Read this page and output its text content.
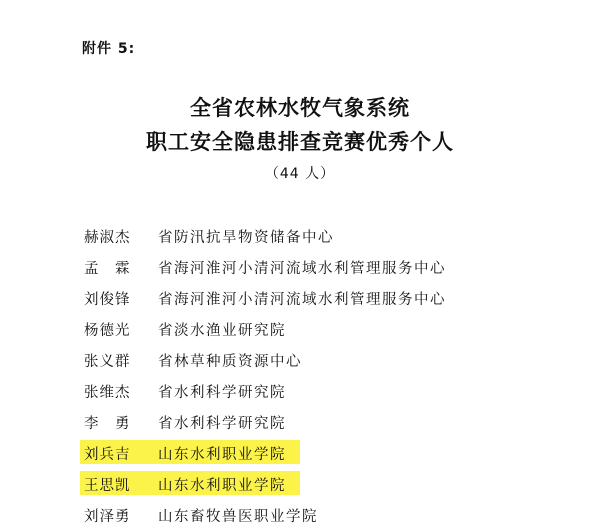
附件 5:
全省农林水牧气象系统
职工安全隐患排查竞赛优秀个人
（44 人）
赫淑杰	省防汛抗旱物资储备中心
孟　霖	省海河淮河小清河流域水利管理服务中心
刘俊锋	省海河淮河小清河流域水利管理服务中心
杨德光	省淡水渔业研究院
张义群	省林草种质资源中心
张维杰	省水利科学研究院
李　勇	省水利科学研究院
刘兵吉	山东水利职业学院
王思凯	山东水利职业学院
刘泽勇	山东畜牧兽医职业学院
